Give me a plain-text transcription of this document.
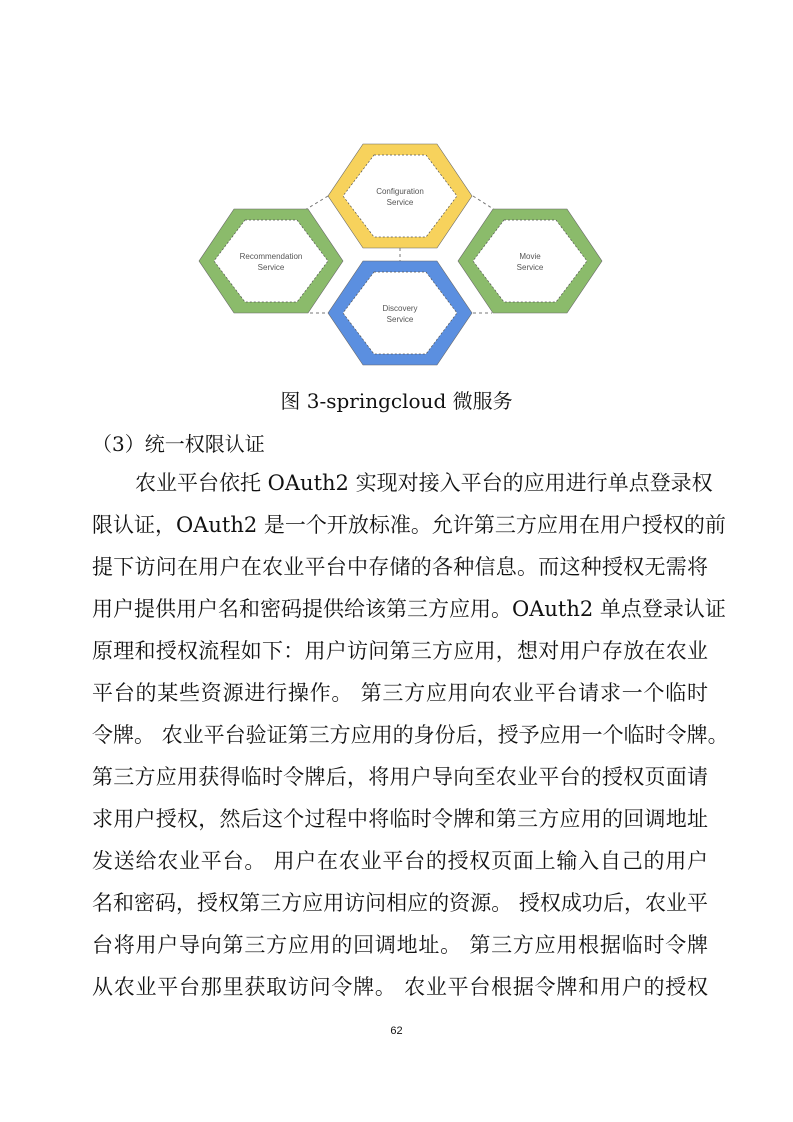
Configuration
Service
Recommendation
Service
Movie
Service
Discovery
Service
图 3-springcloud 微服务
（3）统一权限认证
农业平台依托 OAuth2 实现对接入平台的应用进行单点登录权
限认证，OAuth2 是一个开放标准。允许第三方应用在用户授权的前
提下访问在用户在农业平台中存储的各种信息。而这种授权无需将
用户提供用户名和密码提供给该第三方应用。OAuth2 单点登录认证
原理和授权流程如下：用户访问第三方应用，想对用户存放在农业
平台的某些资源进行操作。 第三方应用向农业平台请求一个临时
令牌。 农业平台验证第三方应用的身份后，授予应用一个临时令牌。
第三方应用获得临时令牌后，将用户导向至农业平台的授权页面请
求用户授权，然后这个过程中将临时令牌和第三方应用的回调地址
发送给农业平台。 用户在农业平台的授权页面上输入自己的用户
名和密码，授权第三方应用访问相应的资源。 授权成功后，农业平
台将用户导向第三方应用的回调地址。 第三方应用根据临时令牌
从农业平台那里获取访问令牌。 农业平台根据令牌和用户的授权
62
